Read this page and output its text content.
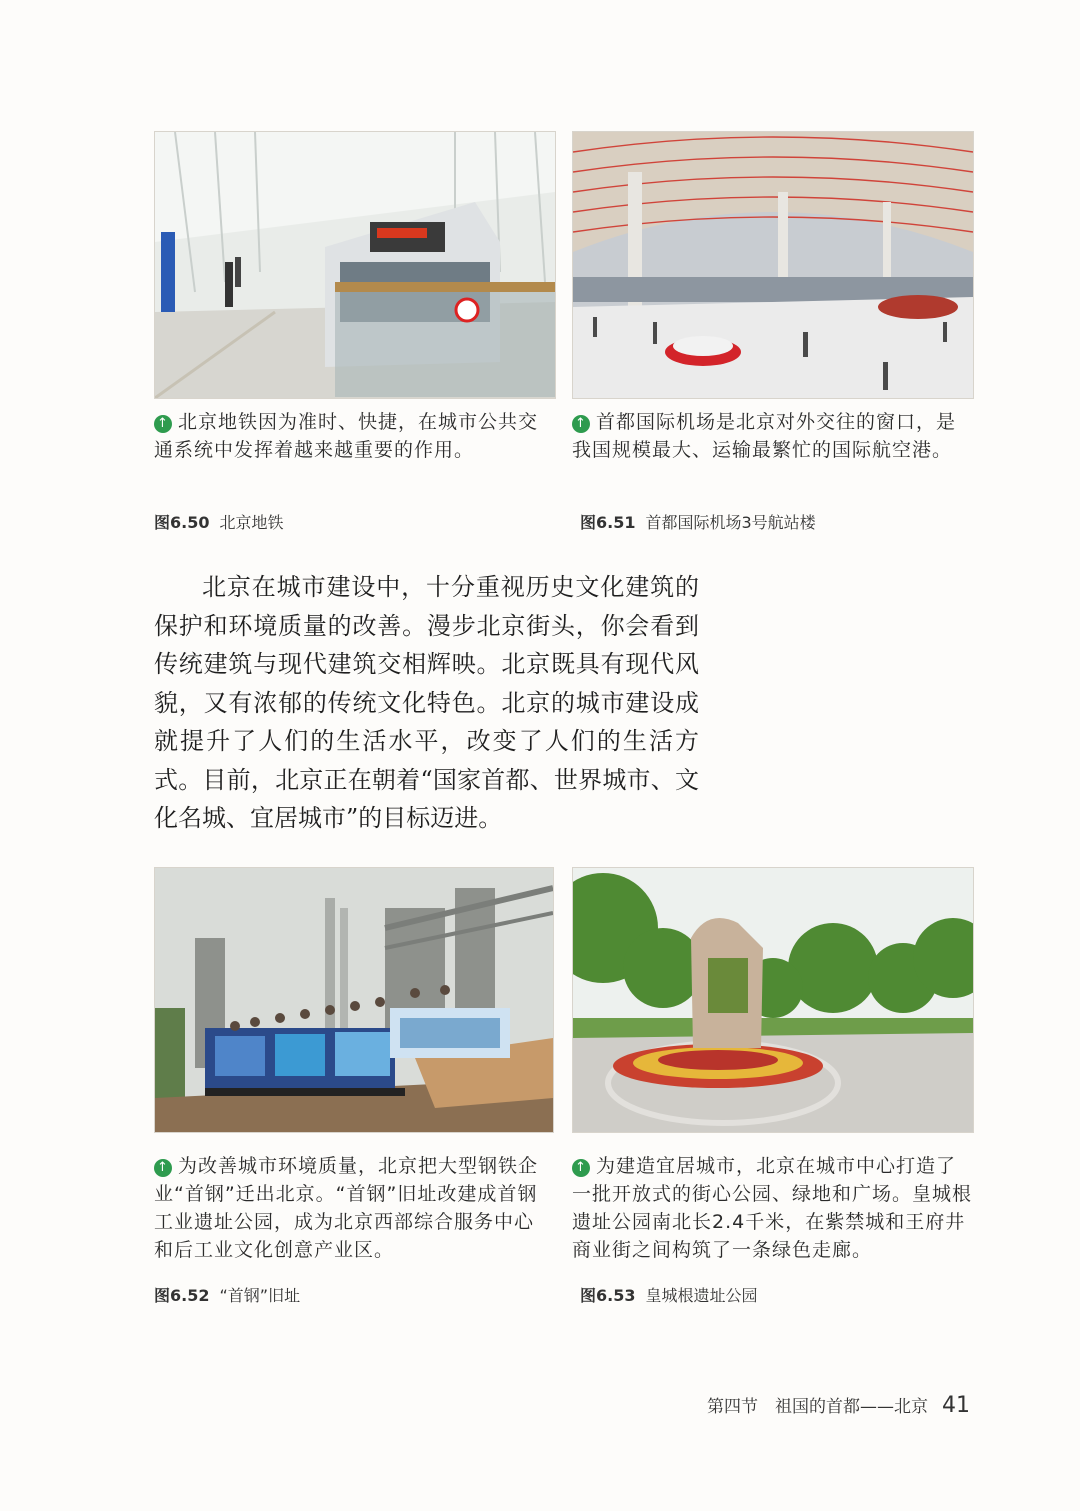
↑ 北京地铁因为准时、快捷，在城市公共交通系统中发挥着越来越重要的作用。
↑ 首都国际机场是北京对外交往的窗口，是我国规模最大、运输最繁忙的国际航空港。
图6.50 北京地铁	图6.51 首都国际机场3号航站楼

北京在城市建设中，十分重视历史文化建筑的保护和环境质量的改善。漫步北京街头，你会看到传统建筑与现代建筑交相辉映。北京既具有现代风貌，又有浓郁的传统文化特色。北京的城市建设成就提升了人们的生活水平，改变了人们的生活方式。目前，北京正在朝着“国家首都、世界城市、文化名城、宜居城市”的目标迈进。

↑ 为改善城市环境质量，北京把大型钢铁企业“首钢”迁出北京。“首钢”旧址改建成首钢工业遗址公园，成为北京西部综合服务中心和后工业文化创意产业区。
↑ 为建造宜居城市，北京在城市中心打造了一批开放式的街心公园、绿地和广场。皇城根遗址公园南北长2.4千米，在紫禁城和王府井商业街之间构筑了一条绿色走廊。
图6.52 “首钢”旧址	图6.53 皇城根遗址公园
第四节　祖国的首都——北京 41
